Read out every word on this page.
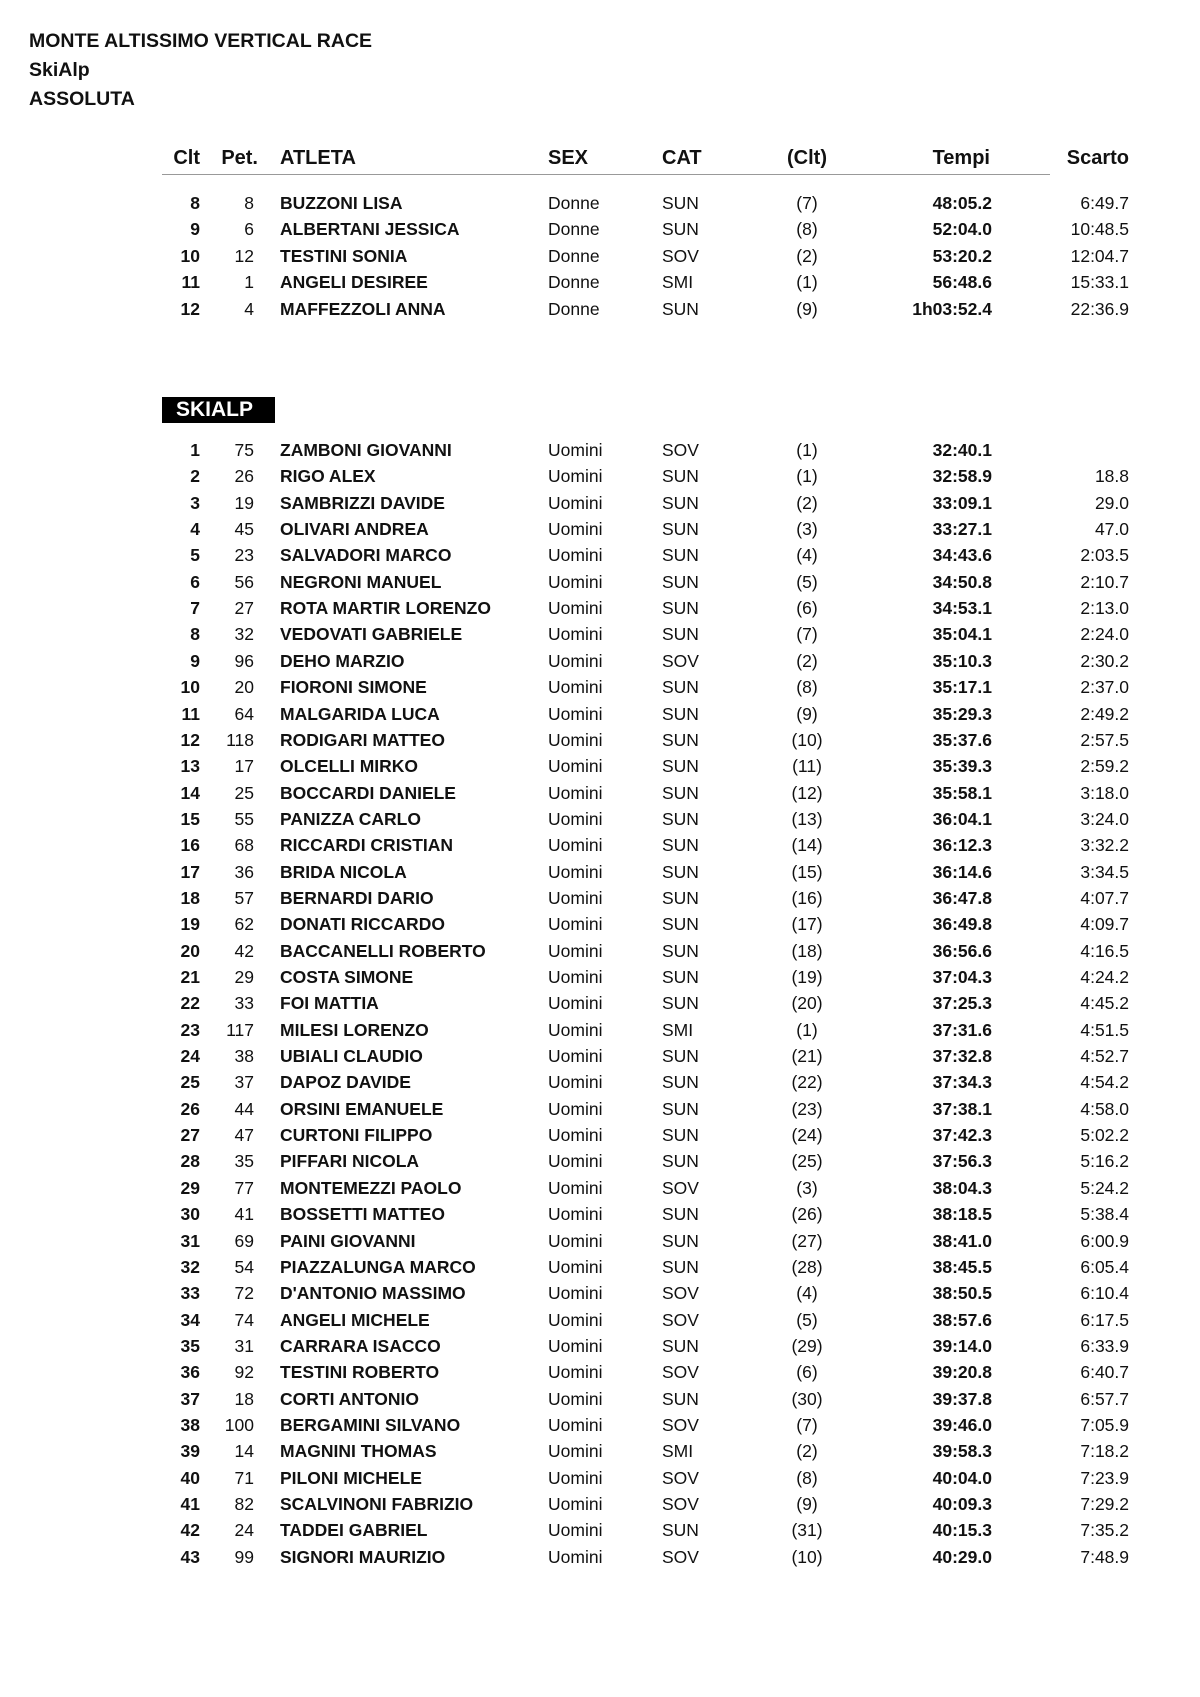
MONTE ALTISSIMO VERTICAL RACE
SkiAlp
ASSOLUTA
Clt	Pet. ATLETA	SEX	CAT	(Clt)	Tempi	Scarto
8	8 BUZZONI LISA	Donne	SUN	(7)	48:05.2	6:49.7
9	6 ALBERTANI JESSICA	Donne	SUN	(8)	52:04.0	10:48.5
10	12 TESTINI SONIA	Donne	SOV	(2)	53:20.2	12:04.7
11	1 ANGELI DESIREE	Donne	SMI	(1)	56:48.6	15:33.1
12	4 MAFFEZZOLI ANNA	Donne	SUN	(9)	1h03:52.4	22:36.9
SKIALP M
1	75 ZAMBONI GIOVANNI	Uomini	SOV	(1)	32:40.1
2	26 RIGO ALEX	Uomini	SUN	(1)	32:58.9	18.8
3	19 SAMBRIZZI DAVIDE	Uomini	SUN	(2)	33:09.1	29.0
4	45 OLIVARI ANDREA	Uomini	SUN	(3)	33:27.1	47.0
5	23 SALVADORI MARCO	Uomini	SUN	(4)	34:43.6	2:03.5
6	56 NEGRONI MANUEL	Uomini	SUN	(5)	34:50.8	2:10.7
7	27 ROTA MARTIR LORENZO	Uomini	SUN	(6)	34:53.1	2:13.0
8	32 VEDOVATI GABRIELE	Uomini	SUN	(7)	35:04.1	2:24.0
9	96 DEHO MARZIO	Uomini	SOV	(2)	35:10.3	2:30.2
10	20 FIORONI SIMONE	Uomini	SUN	(8)	35:17.1	2:37.0
11	64 MALGARIDA LUCA	Uomini	SUN	(9)	35:29.3	2:49.2
12	118 RODIGARI MATTEO	Uomini	SUN	(10)	35:37.6	2:57.5
13	17 OLCELLI MIRKO	Uomini	SUN	(11)	35:39.3	2:59.2
14	25 BOCCARDI DANIELE	Uomini	SUN	(12)	35:58.1	3:18.0
15	55 PANIZZA CARLO	Uomini	SUN	(13)	36:04.1	3:24.0
16	68 RICCARDI CRISTIAN	Uomini	SUN	(14)	36:12.3	3:32.2
17	36 BRIDA NICOLA	Uomini	SUN	(15)	36:14.6	3:34.5
18	57 BERNARDI DARIO	Uomini	SUN	(16)	36:47.8	4:07.7
19	62 DONATI RICCARDO	Uomini	SUN	(17)	36:49.8	4:09.7
20	42 BACCANELLI ROBERTO	Uomini	SUN	(18)	36:56.6	4:16.5
21	29 COSTA SIMONE	Uomini	SUN	(19)	37:04.3	4:24.2
22	33 FOI MATTIA	Uomini	SUN	(20)	37:25.3	4:45.2
23	117 MILESI LORENZO	Uomini	SMI	(1)	37:31.6	4:51.5
24	38 UBIALI CLAUDIO	Uomini	SUN	(21)	37:32.8	4:52.7
25	37 DAPOZ DAVIDE	Uomini	SUN	(22)	37:34.3	4:54.2
26	44 ORSINI EMANUELE	Uomini	SUN	(23)	37:38.1	4:58.0
27	47 CURTONI FILIPPO	Uomini	SUN	(24)	37:42.3	5:02.2
28	35 PIFFARI NICOLA	Uomini	SUN	(25)	37:56.3	5:16.2
29	77 MONTEMEZZI PAOLO	Uomini	SOV	(3)	38:04.3	5:24.2
30	41 BOSSETTI MATTEO	Uomini	SUN	(26)	38:18.5	5:38.4
31	69 PAINI GIOVANNI	Uomini	SUN	(27)	38:41.0	6:00.9
32	54 PIAZZALUNGA MARCO	Uomini	SUN	(28)	38:45.5	6:05.4
33	72 D'ANTONIO MASSIMO	Uomini	SOV	(4)	38:50.5	6:10.4
34	74 ANGELI MICHELE	Uomini	SOV	(5)	38:57.6	6:17.5
35	31 CARRARA ISACCO	Uomini	SUN	(29)	39:14.0	6:33.9
36	92 TESTINI ROBERTO	Uomini	SOV	(6)	39:20.8	6:40.7
37	18 CORTI ANTONIO	Uomini	SUN	(30)	39:37.8	6:57.7
38	100 BERGAMINI SILVANO	Uomini	SOV	(7)	39:46.0	7:05.9
39	14 MAGNINI THOMAS	Uomini	SMI	(2)	39:58.3	7:18.2
40	71 PILONI MICHELE	Uomini	SOV	(8)	40:04.0	7:23.9
41	82 SCALVINONI FABRIZIO	Uomini	SOV	(9)	40:09.3	7:29.2
42	24 TADDEI GABRIEL	Uomini	SUN	(31)	40:15.3	7:35.2
43	99 SIGNORI MAURIZIO	Uomini	SOV	(10)	40:29.0	7:48.9
